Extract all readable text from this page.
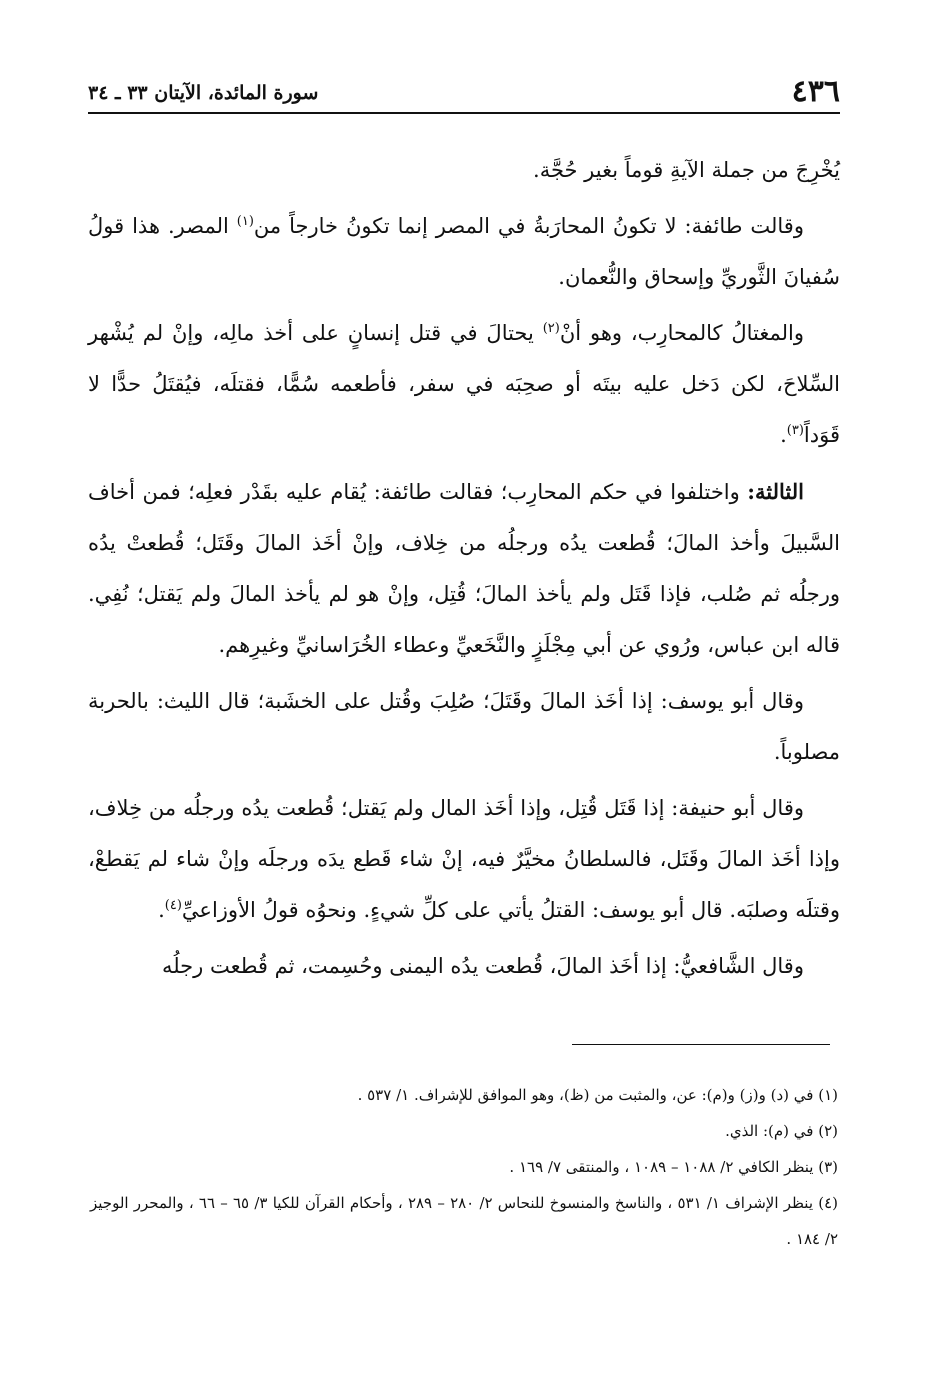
٤٣٦
سورة المائدة، الآيتان ٣٣ ـ ٣٤

يُخْرِجَ من جملة الآيةِ قوماً بغير حُجَّة.

وقالت طائفة: لا تكونُ المحارَبةُ في المصر إنما تكونُ خارجاً من$^{(١)}$ المصر. هذا قولُ سُفيانَ الثَّوريِّ وإسحاق والنُّعمان.

والمغتالُ كالمحارِب، وهو أنْ$^{(٢)}$ يحتالَ في قتل إنسانٍ على أخذ مالِه، وإنْ لم يُشْهر السِّلاحَ، لكن دَخل عليه بيتَه أو صحِبَه في سفر، فأطعمه سُمًّا، فقتلَه، فيُقتَلُ حدًّا لا قَوَداً$^{(٣)}$.

الثالثة: واختلفوا في حكم المحارِب؛ فقالت طائفة: يُقام عليه بقَدْر فعلِه؛ فمن أخاف السَّبيلَ وأخذ المالَ؛ قُطعت يدُه ورجلُه من خِلاف، وإنْ أخَذ المالَ وقَتَل؛ قُطعتْ يدُه ورجلُه ثم صُلب، فإذا قَتَل ولم يأخذ المالَ؛ قُتِل، وإنْ هو لم يأخذ المالَ ولم يَقتل؛ نُفِي. قاله ابن عباس، ورُوي عن أبي مِجْلَزٍ والنَّخَعيِّ وعطاء الخُرَاسانيِّ وغيرِهم.

وقال أبو يوسف: إذا أخَذ المالَ وقَتَلَ؛ صُلِبَ وقُتل على الخشَبة؛ قال الليث: بالحربة مصلوباً.

وقال أبو حنيفة: إذا قَتَل قُتِل، وإذا أخَذ المال ولم يَقتل؛ قُطعت يدُه ورجلُه من خِلاف، وإذا أخَذ المالَ وقَتَل، فالسلطانُ مخيَّرٌ فيه، إنْ شاء قَطع يدَه ورجلَه وإنْ شاء لم يَقطعْ، وقتلَه وصلبَه. قال أبو يوسف: القتلُ يأتي على كلِّ شيءٍ. ونحوُه قولُ الأوزاعيِّ$^{(٤)}$.

وقال الشَّافعيُّ: إذا أخَذ المالَ، قُطعت يدُه اليمنى وحُسِمت، ثم قُطعت رجلُه

(١) في (د) و(ز) و(م): عن، والمثبت من (ظ)، وهو الموافق للإشراف. ١/ ٥٣٧ .
(٢) في (م): الذي.
(٣) ينظر الكافي ٢/ ١٠٨٨ – ١٠٨٩ ، والمنتقى ٧/ ١٦٩ .
(٤) ينظر الإشراف ١/ ٥٣١ ، والناسخ والمنسوخ للنحاس ٢/ ٢٨٠ – ٢٨٩ ، وأحكام القرآن للكيا ٣/ ٦٥ – ٦٦ ، والمحرر الوجيز ٢/ ١٨٤ .
